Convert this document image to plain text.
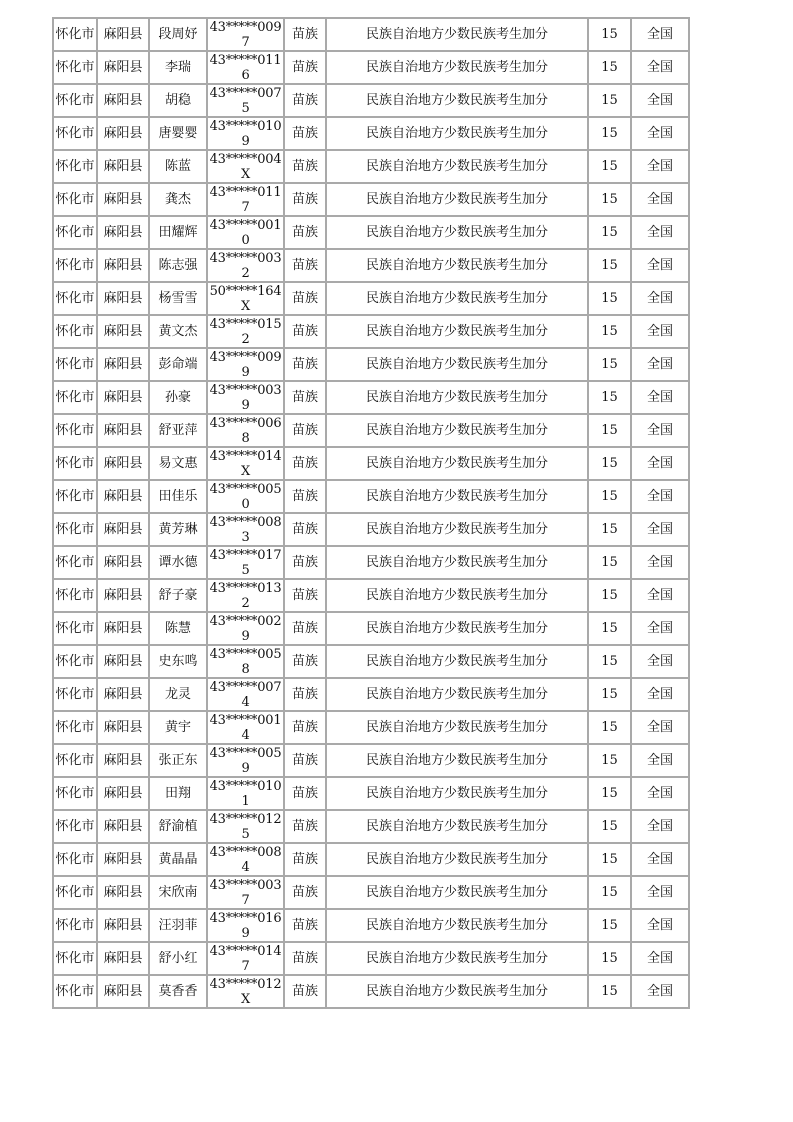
怀化市	麻阳县	段周妤	43*****0097	苗族	民族自治地方少数民族考生加分	15	全国

怀化市	麻阳县	李瑞	43*****0116	苗族	民族自治地方少数民族考生加分	15	全国

怀化市	麻阳县	胡稳	43*****0075	苗族	民族自治地方少数民族考生加分	15	全国

怀化市	麻阳县	唐婴婴	43*****0109	苗族	民族自治地方少数民族考生加分	15	全国

怀化市	麻阳县	陈蓝	43*****004X	苗族	民族自治地方少数民族考生加分	15	全国

怀化市	麻阳县	龚杰	43*****0117	苗族	民族自治地方少数民族考生加分	15	全国

怀化市	麻阳县	田耀辉	43*****0010	苗族	民族自治地方少数民族考生加分	15	全国

怀化市	麻阳县	陈志强	43*****0032	苗族	民族自治地方少数民族考生加分	15	全国

怀化市	麻阳县	杨雪雪	50*****164X	苗族	民族自治地方少数民族考生加分	15	全国

怀化市	麻阳县	黄文杰	43*****0152	苗族	民族自治地方少数民族考生加分	15	全国

怀化市	麻阳县	彭命端	43*****0099	苗族	民族自治地方少数民族考生加分	15	全国

怀化市	麻阳县	孙豪	43*****0039	苗族	民族自治地方少数民族考生加分	15	全国

怀化市	麻阳县	舒亚萍	43*****0068	苗族	民族自治地方少数民族考生加分	15	全国

怀化市	麻阳县	易文惠	43*****014X	苗族	民族自治地方少数民族考生加分	15	全国

怀化市	麻阳县	田佳乐	43*****0050	苗族	民族自治地方少数民族考生加分	15	全国

怀化市	麻阳县	黄芳琳	43*****0083	苗族	民族自治地方少数民族考生加分	15	全国

怀化市	麻阳县	谭水德	43*****0175	苗族	民族自治地方少数民族考生加分	15	全国

怀化市	麻阳县	舒子豪	43*****0132	苗族	民族自治地方少数民族考生加分	15	全国

怀化市	麻阳县	陈慧	43*****0029	苗族	民族自治地方少数民族考生加分	15	全国

怀化市	麻阳县	史东鸣	43*****0058	苗族	民族自治地方少数民族考生加分	15	全国

怀化市	麻阳县	龙灵	43*****0074	苗族	民族自治地方少数民族考生加分	15	全国

怀化市	麻阳县	黄宇	43*****0014	苗族	民族自治地方少数民族考生加分	15	全国

怀化市	麻阳县	张正东	43*****0059	苗族	民族自治地方少数民族考生加分	15	全国

怀化市	麻阳县	田翔	43*****0101	苗族	民族自治地方少数民族考生加分	15	全国

怀化市	麻阳县	舒渝植	43*****0125	苗族	民族自治地方少数民族考生加分	15	全国

怀化市	麻阳县	黄晶晶	43*****0084	苗族	民族自治地方少数民族考生加分	15	全国

怀化市	麻阳县	宋欣南	43*****0037	苗族	民族自治地方少数民族考生加分	15	全国

怀化市	麻阳县	汪羽菲	43*****0169	苗族	民族自治地方少数民族考生加分	15	全国

怀化市	麻阳县	舒小红	43*****0147	苗族	民族自治地方少数民族考生加分	15	全国

怀化市	麻阳县	莫香香	43*****012X	苗族	民族自治地方少数民族考生加分	15	全国
